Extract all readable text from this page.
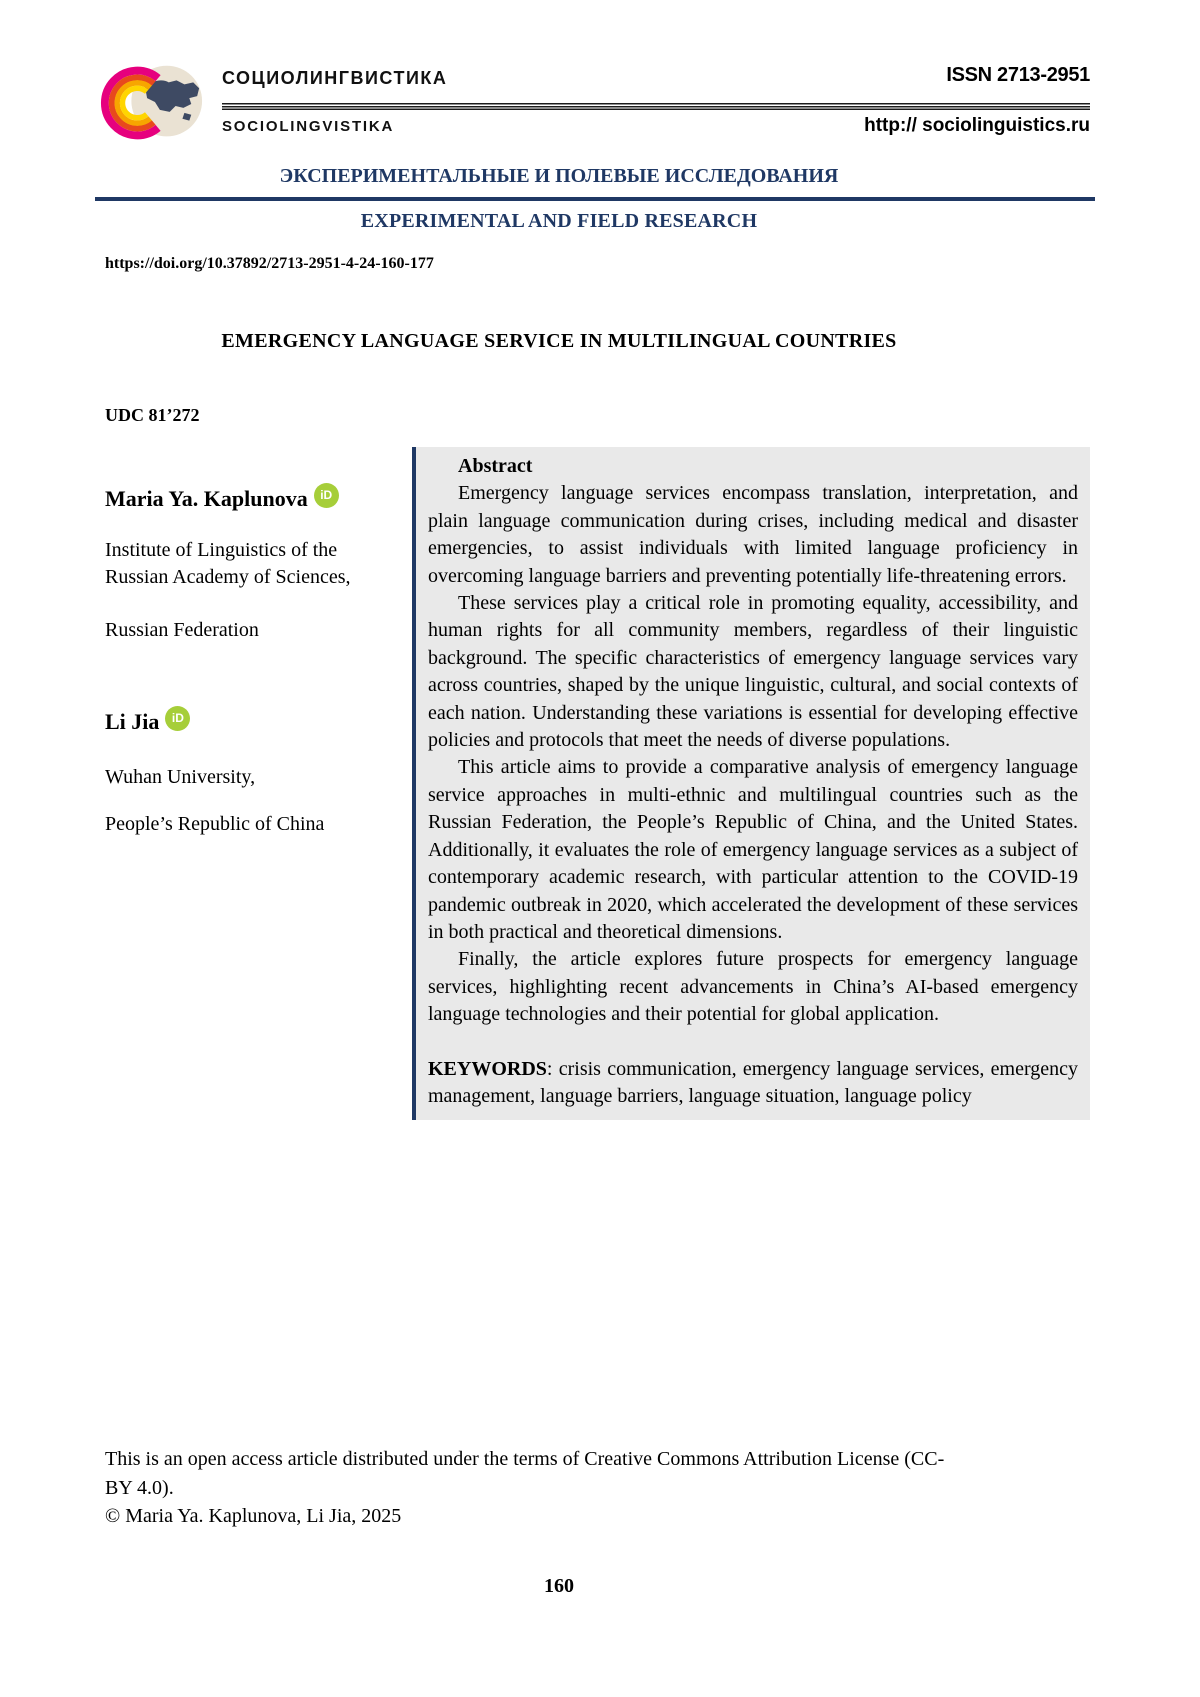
СОЦИОЛИНГВИСТИКА
SOCIOLINGVISTIKA
ISSN 2713-2951
http:// sociolinguistics.ru
ЭКСПЕРИМЕНТАЛЬНЫЕ И ПОЛЕВЫЕ ИССЛЕДОВАНИЯ
EXPERIMENTAL AND FIELD RESEARCH
EMERGENCY LANGUAGE SERVICE IN MULTILINGUAL COUNTRIES
160
https://doi.org/10.37892/2713-2951-4-24-160-177

UDC 81’272

Maria Ya. Kaplunova iD

Institute of Linguistics of the Russian Academy of Sciences,

Russian Federation

Li Jia iD

Wuhan University,

People’s Republic of China

Abstract

Emergency language services encompass translation, interpretation, and plain language communication during crises, including medical and disaster emergencies, to assist individuals with limited language proficiency in overcoming language barriers and preventing potentially life-threatening errors.

These services play a critical role in promoting equality, accessibility, and human rights for all community members, regardless of their linguistic background. The specific characteristics of emergency language services vary across countries, shaped by the unique linguistic, cultural, and social contexts of each nation. Understanding these variations is essential for developing effective policies and protocols that meet the needs of diverse populations.

This article aims to provide a comparative analysis of emergency language service approaches in multi-ethnic and multilingual countries such as the Russian Federation, the People’s Republic of China, and the United States. Additionally, it evaluates the role of emergency language services as a subject of contemporary academic research, with particular attention to the COVID-19 pandemic outbreak in 2020, which accelerated the development of these services in both practical and theoretical dimensions.

Finally, the article explores future prospects for emergency language services, highlighting recent advancements in China’s AI-based emergency language technologies and their potential for global application.

KEYWORDS: crisis communication, emergency language services, emergency management, language barriers, language situation, language policy

This is an open access article distributed under the terms of Creative Commons Attribution License (CC-BY 4.0).

© Maria Ya. Kaplunova, Li Jia, 2025
